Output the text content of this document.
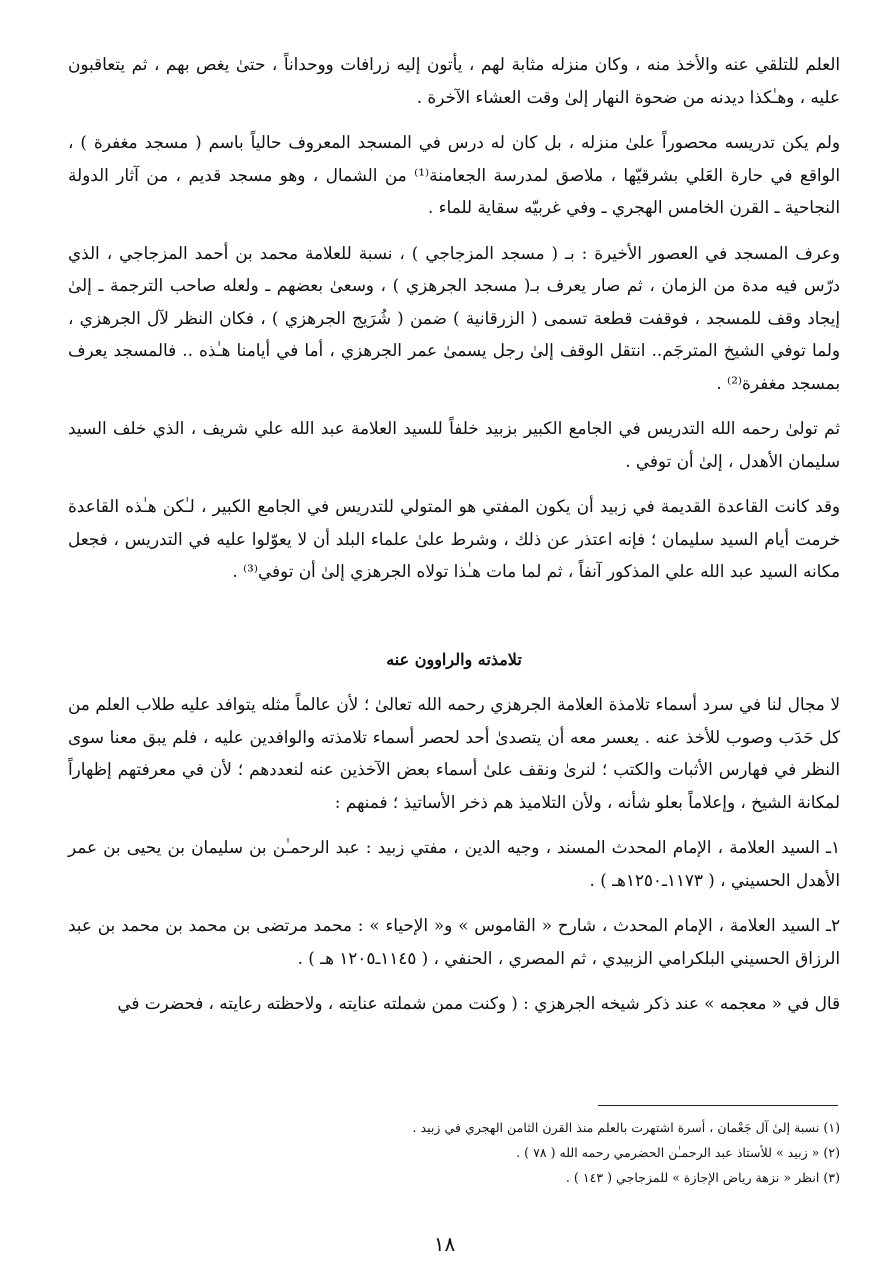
العلم للتلقي عنه والأخذ منه ، وكان منزله مثابة لهم ، يأتون إليه زرافات ووحداناً ، حتىٰ يغص بهم ، ثم يتعاقبون عليه ، وهـٰكذا ديدنه من ضحوة النهار إلىٰ وقت العشاء الآخرة .

ولم يكن تدريسه محصوراً علىٰ منزله ، بل كان له درس في المسجد المعروف حالياً باسم ( مسجد مغفرة ) ، الواقع في حارة العَلي بشرقيّها ، ملاصق لمدرسة الجعامنة⁽¹⁾ من الشمال ، وهو مسجد قديم ، من آثار الدولة النجاحية ـ القرن الخامس الهجري ـ وفي غربيّه سقاية للماء .

وعرف المسجد في العصور الأخيرة : بـ ( مسجد المزجاجي ) ، نسبة للعلامة محمد بن أحمد المزجاجي ، الذي درّس فيه مدة من الزمان ، ثم صار يعرف بـ( مسجد الجرهزي ) ، وسعىٰ بعضهم ـ ولعله صاحب الترجمة ـ إلىٰ إيجاد وقف للمسجد ، فوقفت قطعة تسمى ( الزرقانية ) ضمن ( شُرَيج الجرهزي ) ، فكان النظر لآل الجرهزي ، ولما توفي الشيخ المترجَم.. انتقل الوقف إلىٰ رجل يسمىٰ عمر الجرهزي ، أما في أيامنا هـٰذه .. فالمسجد يعرف بمسجد مغفرة⁽²⁾ .

ثم تولىٰ رحمه الله التدريس في الجامع الكبير بزبيد خلفاً للسيد العلامة عبد الله علي شريف ، الذي خلف السيد سليمان الأهدل ، إلىٰ أن توفي .

وقد كانت القاعدة القديمة في زبيد أن يكون المفتي هو المتولي للتدريس في الجامع الكبير ، لـٰكن هـٰذه القاعدة خرمت أيام السيد سليمان ؛ فإنه اعتذر عن ذلك ، وشرط علىٰ علماء البلد أن لا يعوّلوا عليه في التدريس ، فجعل مكانه السيد عبد الله علي المذكور آنفاً ، ثم لما مات هـٰذا تولاه الجرهزي إلىٰ أن توفي⁽³⁾ .

تلامذته والراوون عنه

لا مجال لنا في سرد أسماء تلامذة العلامة الجرهزي رحمه الله تعالىٰ ؛ لأن عالماً مثله يتوافد عليه طلاب العلم من كل حَدَب وصوب للأخذ عنه . يعسر معه أن يتصدىٰ أحد لحصر أسماء تلامذته والوافدين عليه ، فلم يبق معنا سوى النظر في فهارس الأثبات والكتب ؛ لنرىٰ ونقف علىٰ أسماء بعض الآخذين عنه لنعددهم ؛ لأن في معرفتهم إظهاراً لمكانة الشيخ ، وإعلاماً بعلو شأنه ، ولأن التلاميذ هم ذخر الأساتيذ ؛ فمنهم :

١ـ السيد العلامة ، الإمام المحدث المسند ، وجيه الدين ، مفتي زبيد : عبد الرحمـٰن بن سليمان بن يحيى بن عمر الأهدل الحسيني ، ( ١١٧٣ـ١٢٥٠هـ ) .

٢ـ السيد العلامة ، الإمام المحدث ، شارح « القاموس » و« الإحياء » : محمد مرتضى بن محمد بن محمد بن عبد الرزاق الحسيني البلكرامي الزبيدي ، ثم المصري ، الحنفي ، ( ١١٤٥ـ١٢٠٥ هـ ) .

قال في « معجمه » عند ذكر شيخه الجرهزي : ( وكنت ممن شملته عنايته ، ولاحظته رعايته ، فحضرت في

(١) نسبة إلىٰ آل جَعْمان ، أسرة اشتهرت بالعلم منذ القرن الثامن الهجري في زبيد .

(٢) « زبيد » للأستاذ عبد الرحمـٰن الحضرمي رحمه الله ( ٧٨ ) .

(٣) انظر « نزهة رياض الإجازة » للمزجاجي ( ١٤٣ ) .

١٨
